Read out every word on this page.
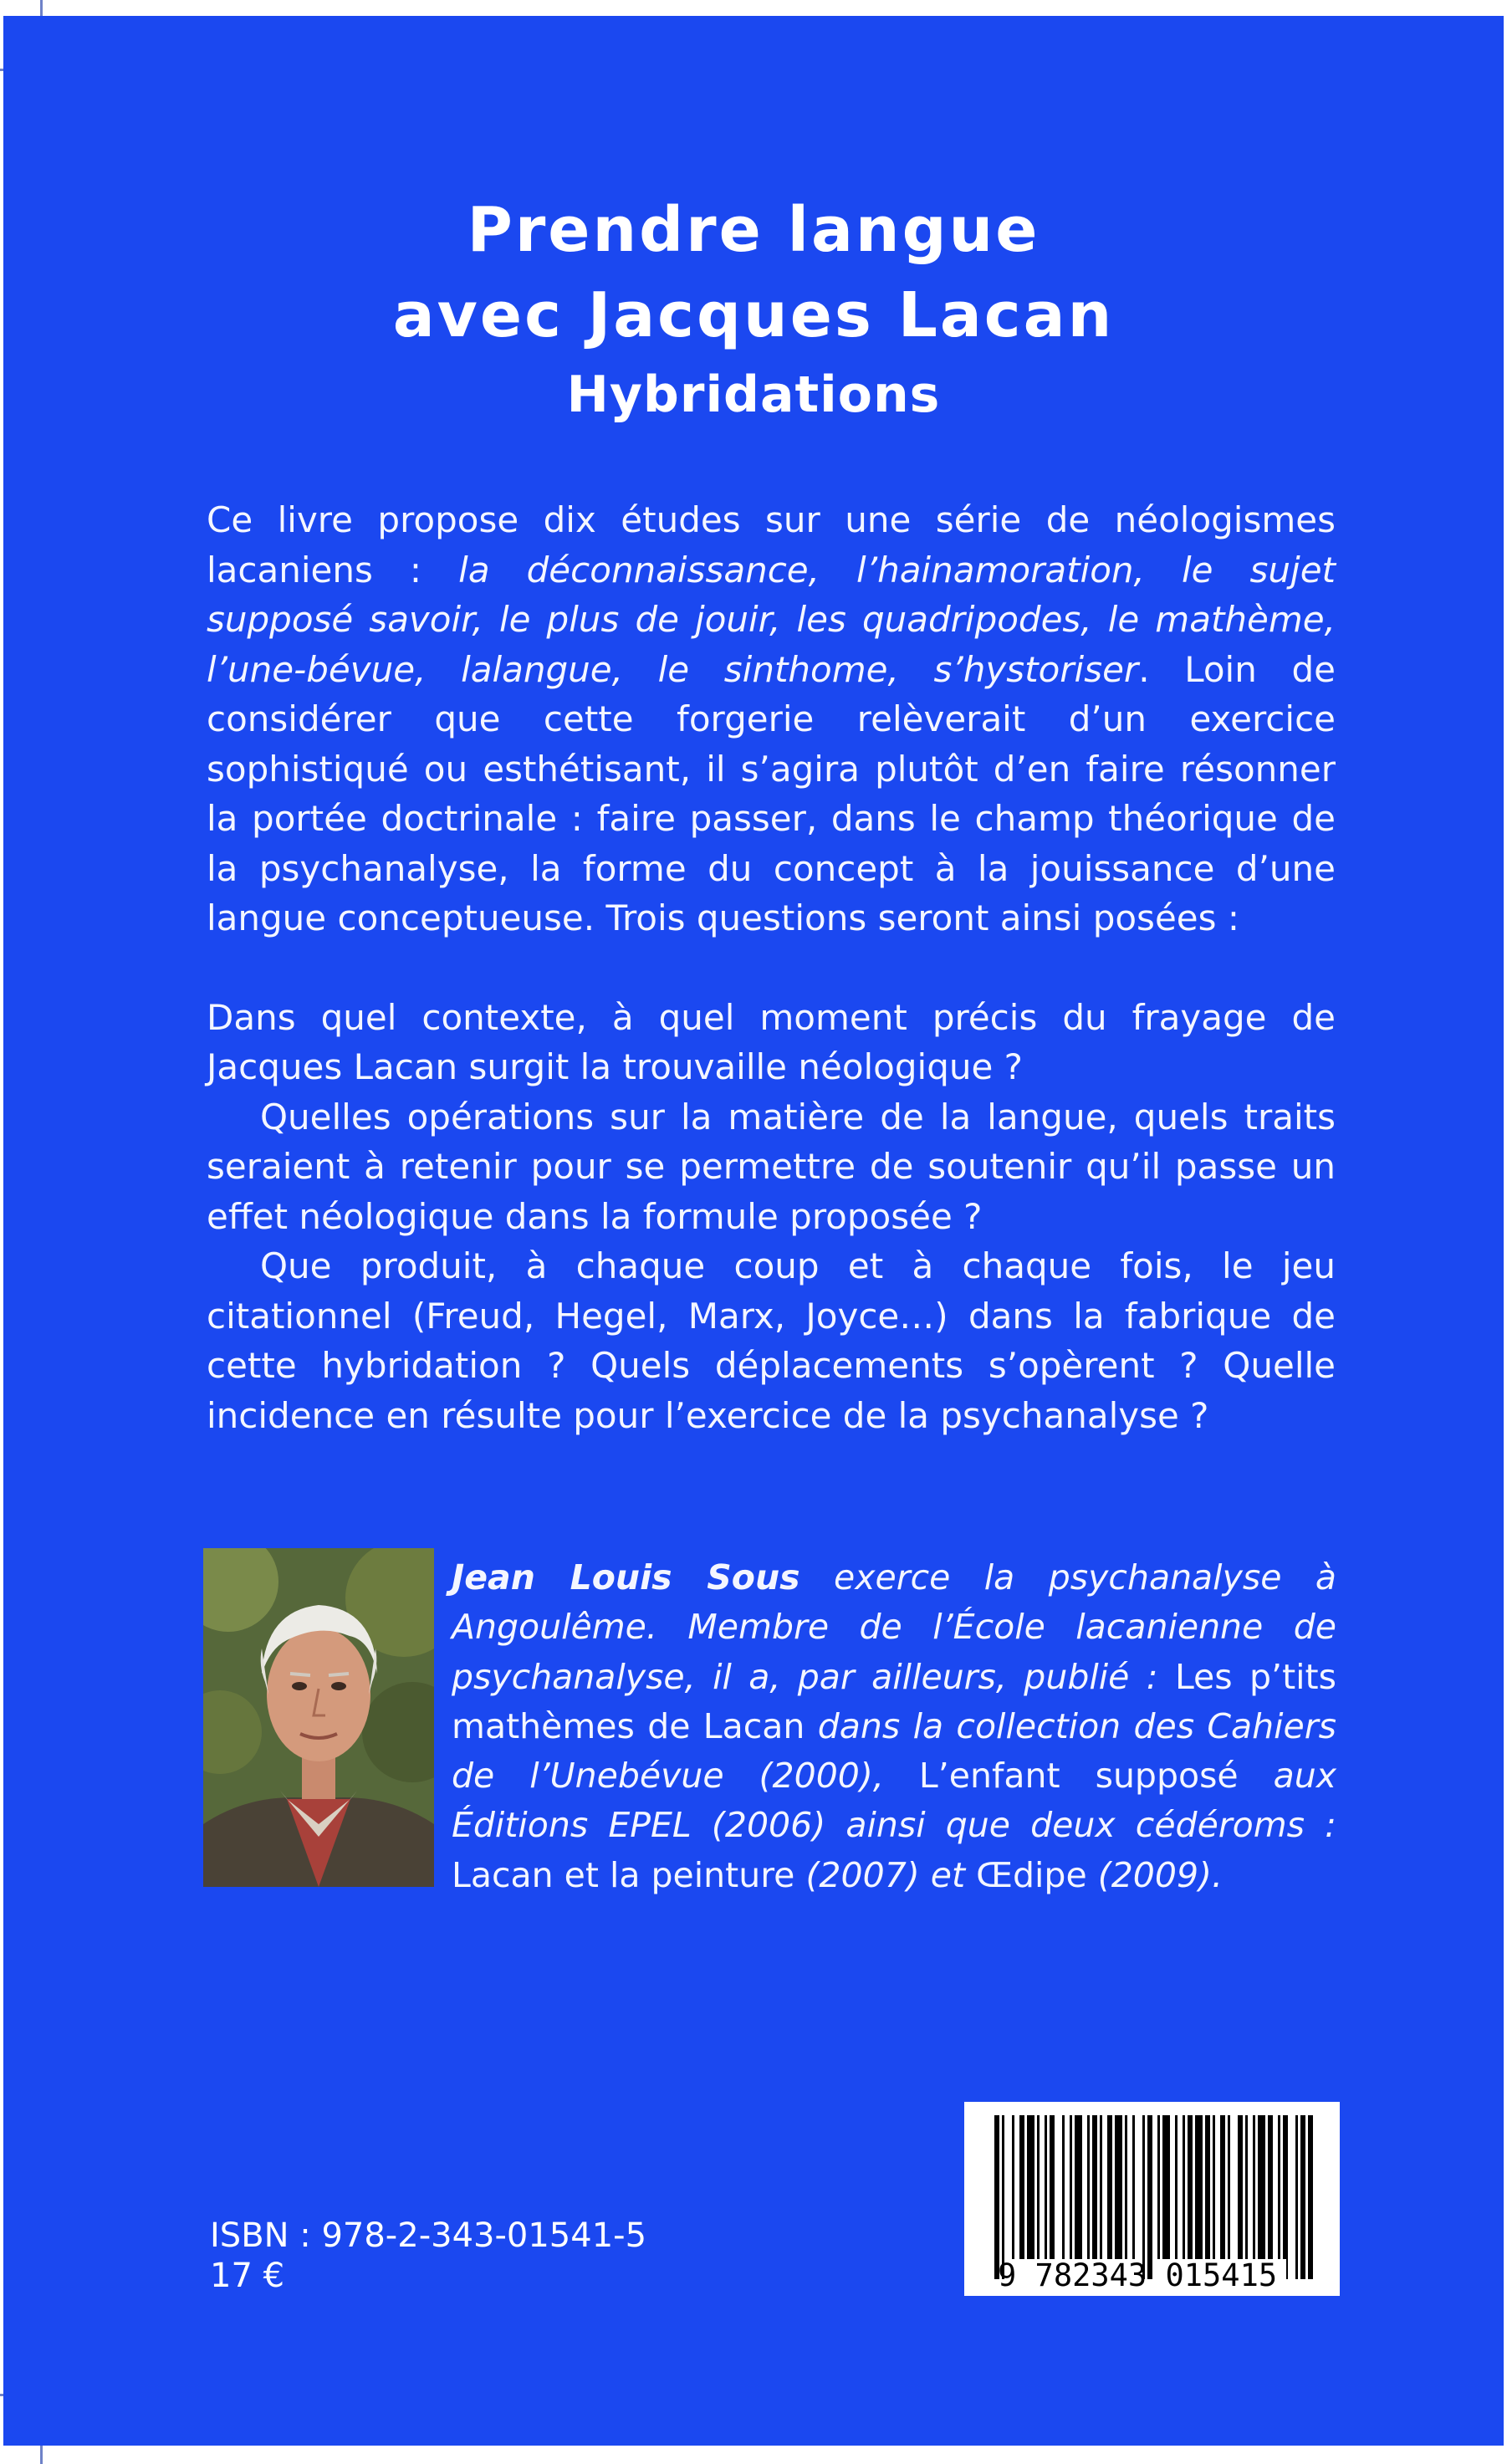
Prendre langue
avec Jacques Lacan
Hybridations

Ce livre propose dix études sur une série de néologismes lacaniens : la déconnaissance, l’hainamoration, le sujet supposé savoir, le plus de jouir, les quadripodes, le mathème, l’une-bévue, lalangue, le sinthome, s’hystoriser. Loin de considérer que cette forgerie relèverait d’un exercice sophistiqué ou esthétisant, il s’agira plutôt d’en faire résonner la portée doctrinale : faire passer, dans le champ théorique de la psychanalyse, la forme du concept à la jouissance d’une langue conceptueuse. Trois questions seront ainsi posées :

Dans quel contexte, à quel moment précis du frayage de Jacques Lacan surgit la trouvaille néologique ?

Quelles opérations sur la matière de la langue, quels traits seraient à retenir pour se permettre de soutenir qu’il passe un effet néologique dans la formule proposée ?

Que produit, à chaque coup et à chaque fois, le jeu citationnel (Freud, Hegel, Marx, Joyce…) dans la fabrique de cette hybridation ? Quels déplacements s’opèrent ? Quelle incidence en résulte pour l’exercice de la psychanalyse ?

Jean Louis Sous exerce la psychanalyse à Angoulême. Membre de l’École lacanienne de psychanalyse, il a, par ailleurs, publié : Les p’tits mathèmes de Lacan dans la collection des Cahiers de l’Unebévue (2000), L’enfant supposé aux Éditions EPEL (2006) ainsi que deux cédéroms : Lacan et la peinture (2007) et Œdipe (2009).

ISBN : 978-2-343-01541-5
17 €	9 782343 015415
